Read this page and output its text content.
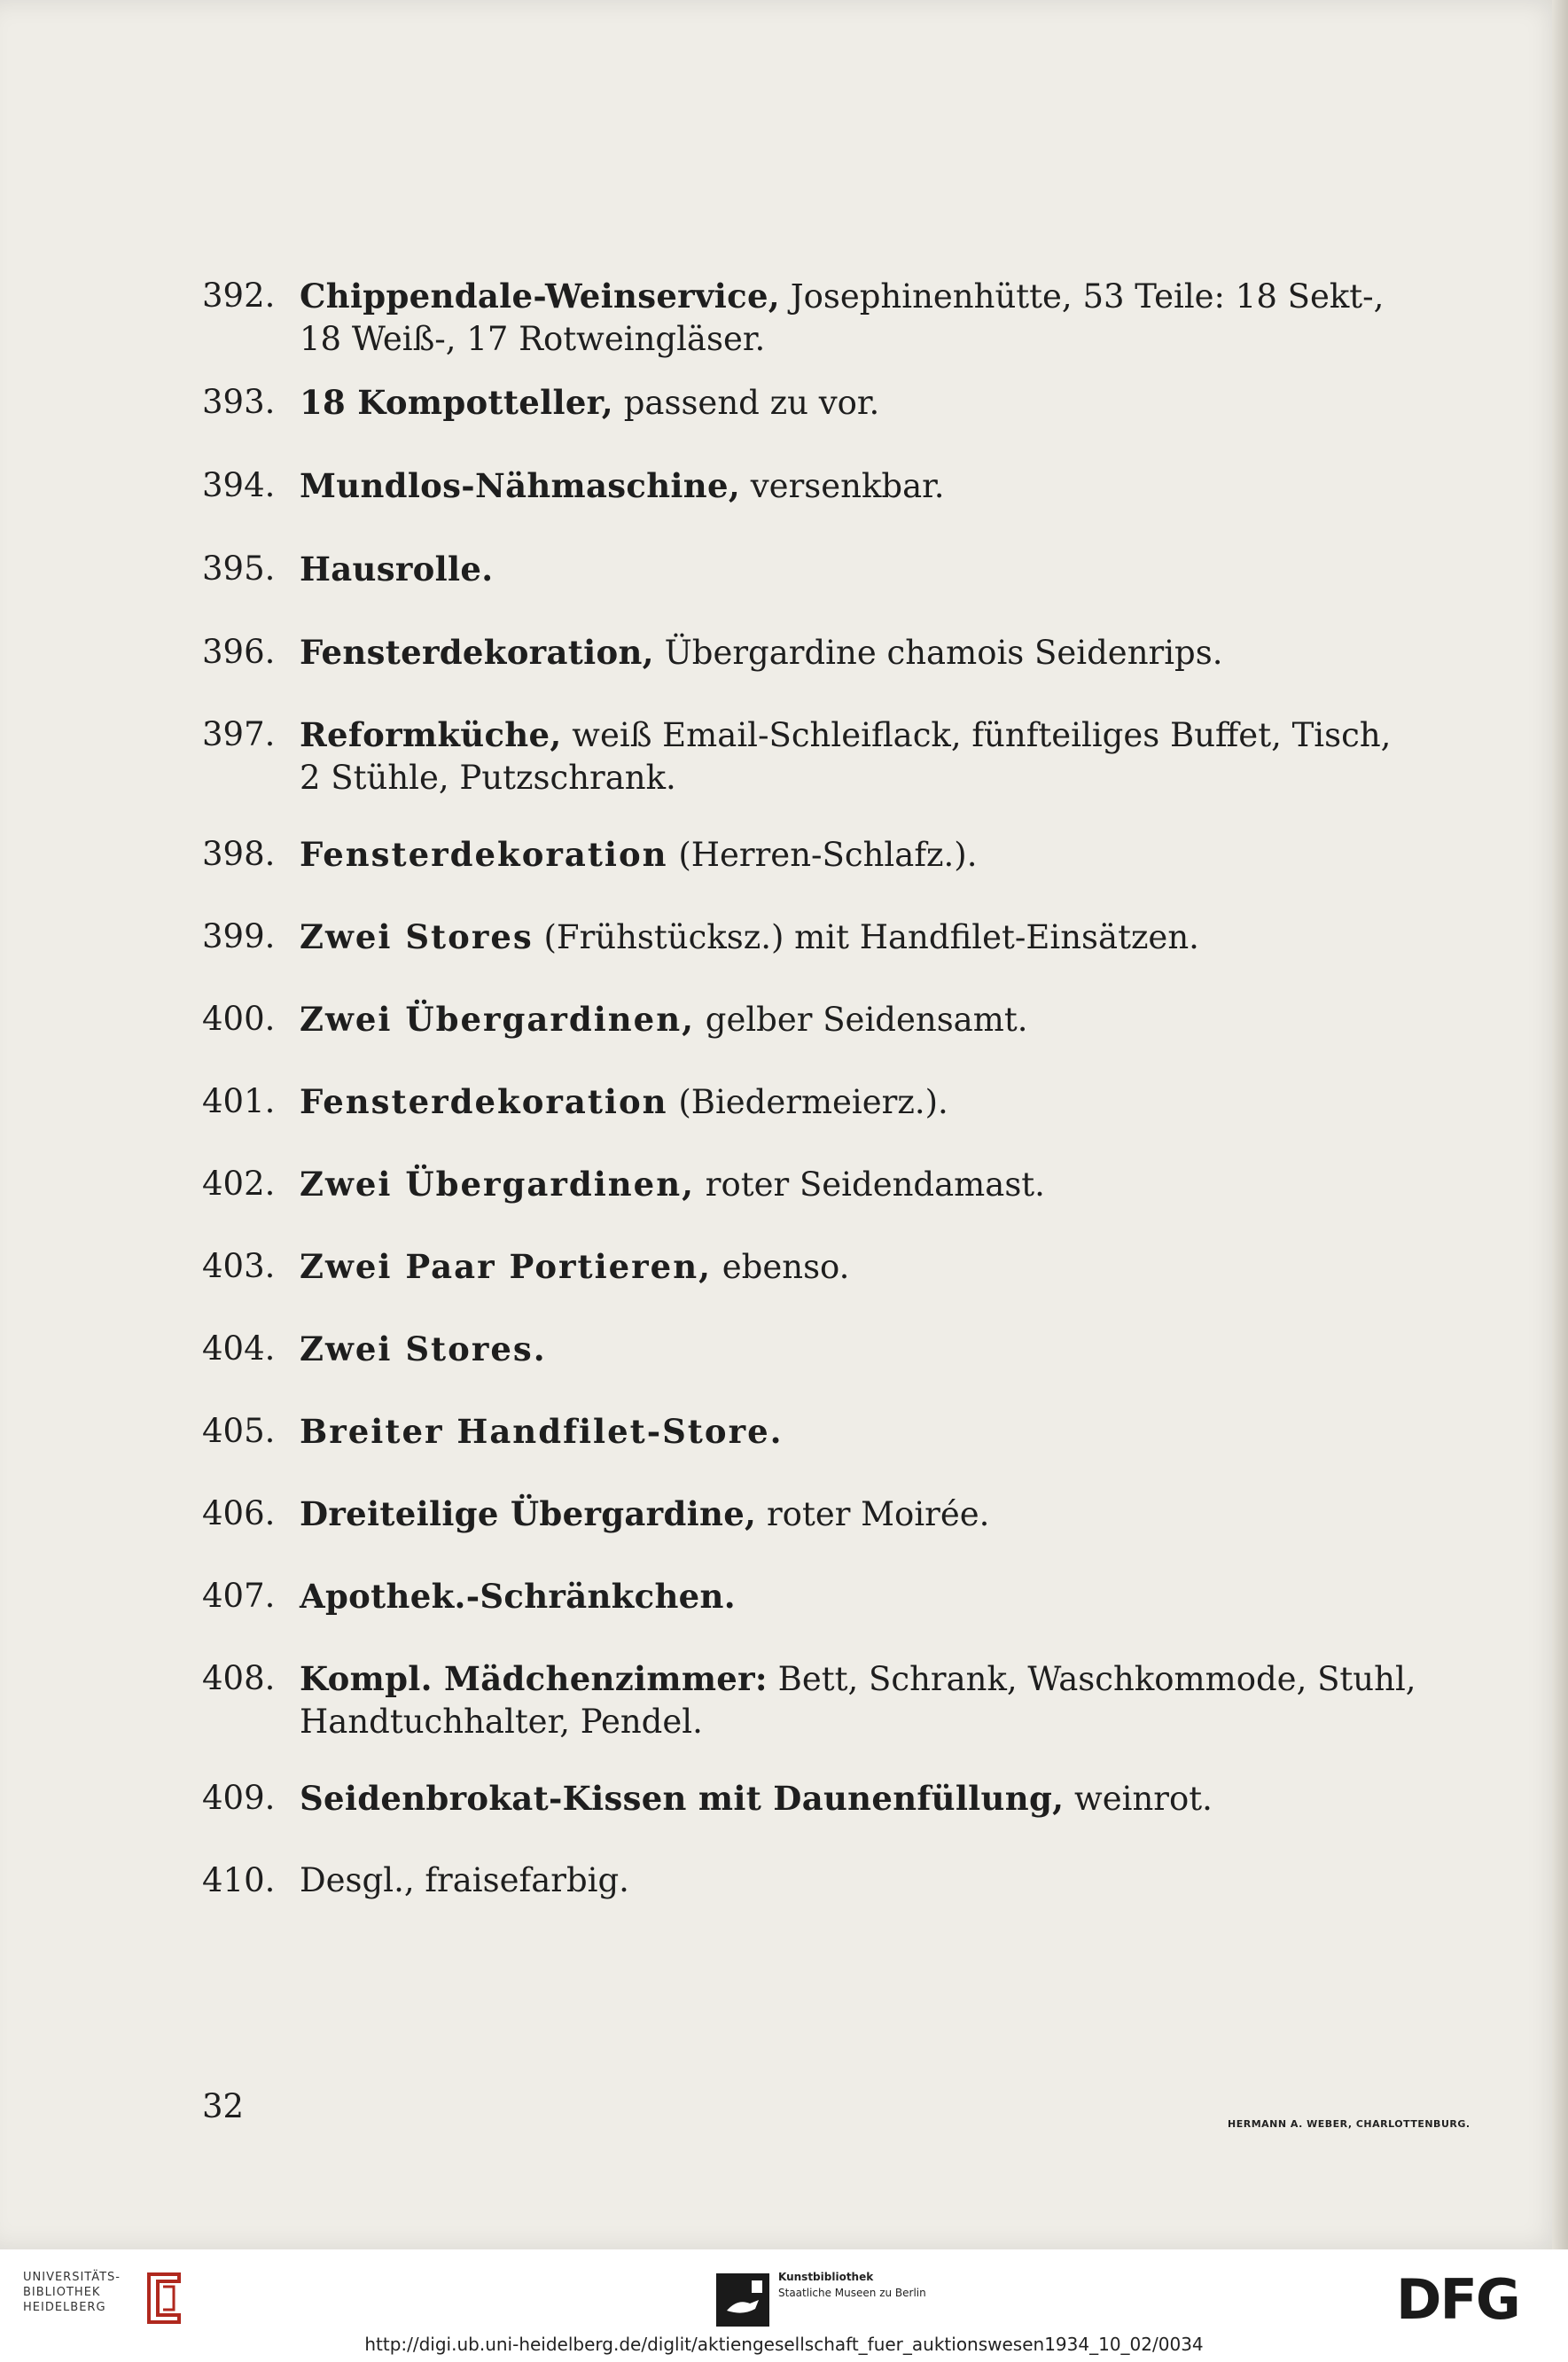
392. Chippendale-Weinservice, Josephinenhütte, 53 Teile: 18 Sekt-,
18 Weiß-, 17 Rotweingläser.
393. 18 Kompotteller, passend zu vor.
394. Mundlos-Nähmaschine, versenkbar.
395. Hausrolle.
396. Fensterdekoration, Übergardine chamois Seidenrips.
397. Reformküche, weiß Email-Schleiflack, fünfteiliges Buffet, Tisch,
2 Stühle, Putzschrank.
398. Fensterdekoration (Herren-Schlafz.).
399. Zwei Stores (Frühstücksz.) mit Handfilet-Einsätzen.
400. Zwei Übergardinen, gelber Seidensamt.
401. Fensterdekoration (Biedermeierz.).
402. Zwei Übergardinen, roter Seidendamast.
403. Zwei Paar Portieren, ebenso.
404. Zwei Stores.
405. Breiter Handfilet-Store.
406. Dreiteilige Übergardine, roter Moirée.
407. Apothek.-Schränkchen.
408. Kompl. Mädchenzimmer: Bett, Schrank, Waschkommode, Stuhl,
Handtuchhalter, Pendel.
409. Seidenbrokat-Kissen mit Daunenfüllung, weinrot.
410. Desgl., fraisefarbig.
32	HERMANN A. WEBER, CHARLOTTENBURG.
UNIVERSITÄTS-
BIBLIOTHEK
HEIDELBERG
Kunstbibliothek
Staatliche Museen zu Berlin	DFG
http://digi.ub.uni-heidelberg.de/diglit/aktiengesellschaft_fuer_auktionswesen1934_10_02/0034
